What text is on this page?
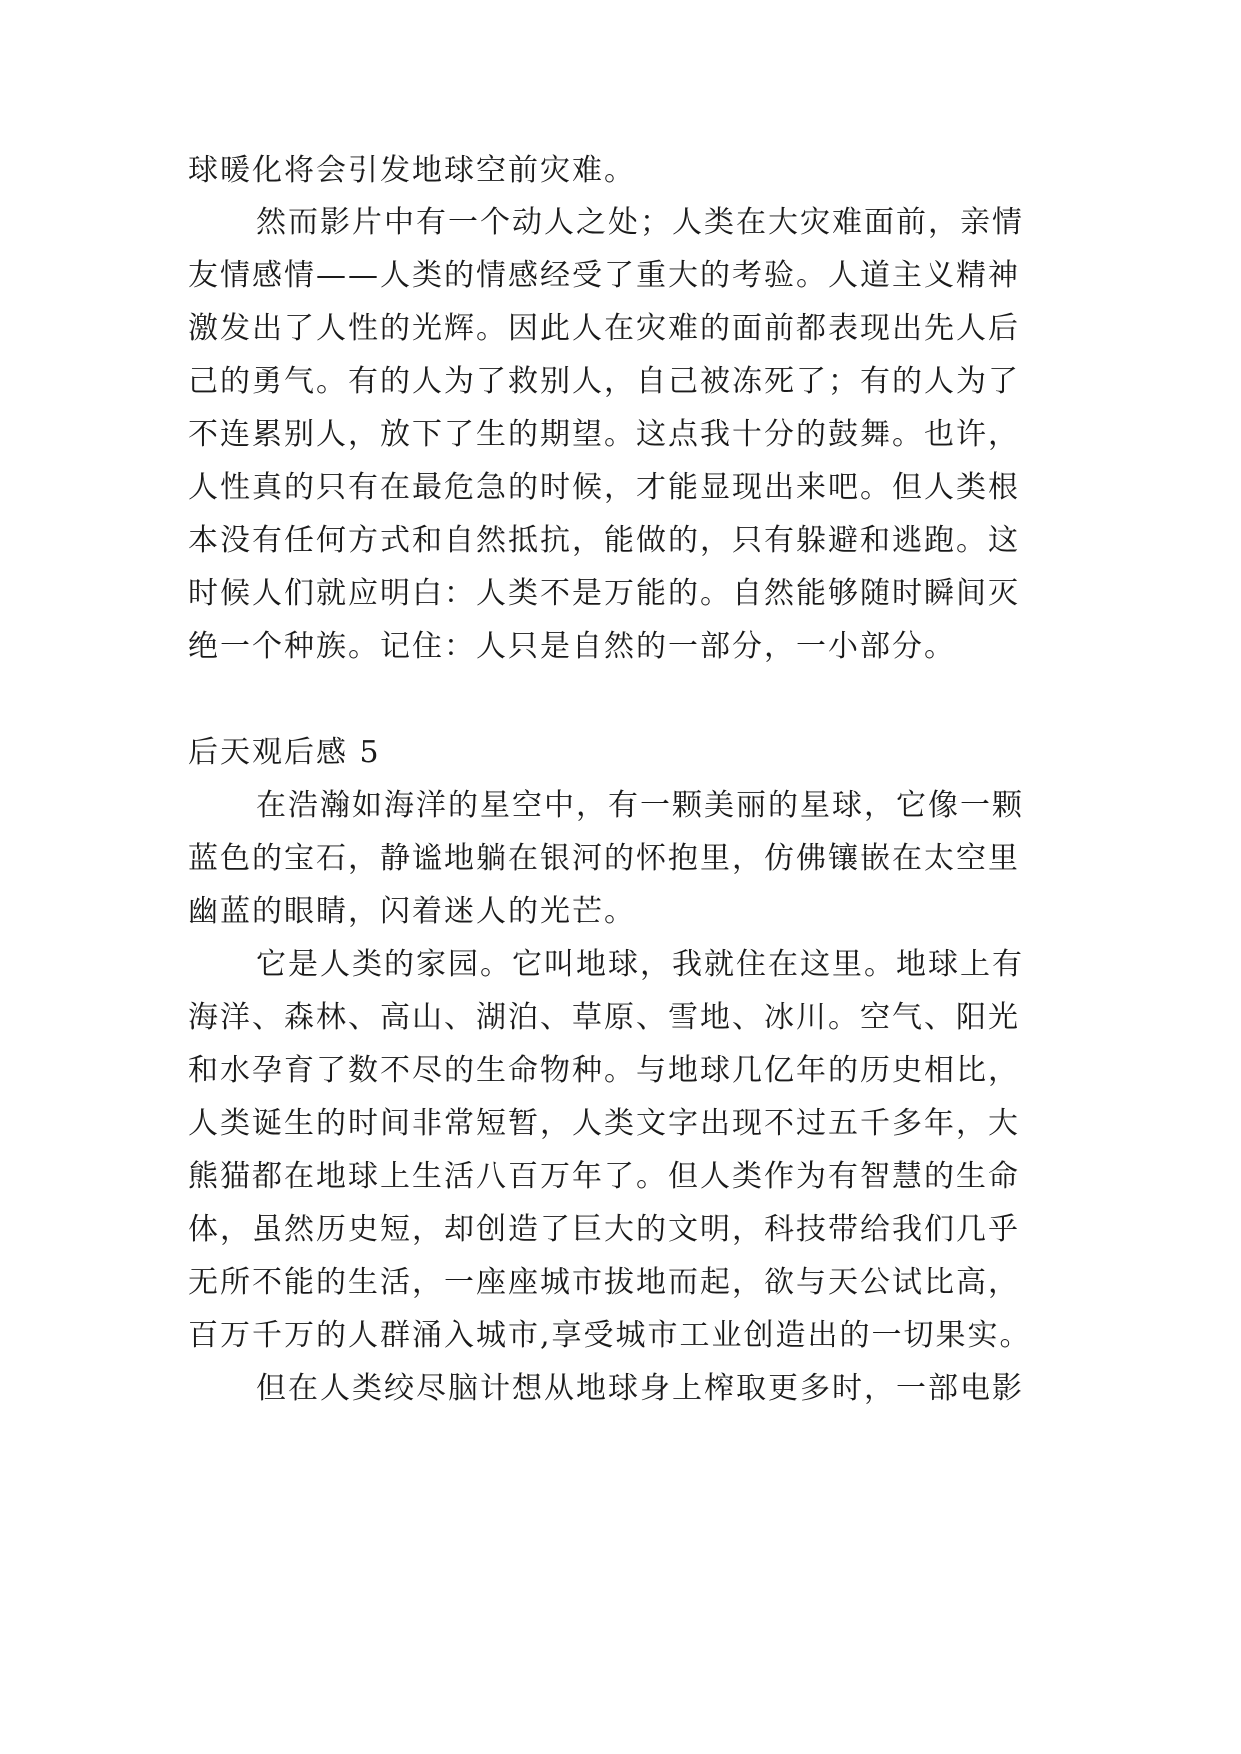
球暖化将会引发地球空前灾难。
然而影片中有一个动人之处；人类在大灾难面前，亲情
友情感情——人类的情感经受了重大的考验。人道主义精神
激发出了人性的光辉。因此人在灾难的面前都表现出先人后
己的勇气。有的人为了救别人，自己被冻死了；有的人为了
不连累别人，放下了生的期望。这点我十分的鼓舞。也许，
人性真的只有在最危急的时候，才能显现出来吧。但人类根
本没有任何方式和自然抵抗，能做的，只有躲避和逃跑。这
时候人们就应明白：人类不是万能的。自然能够随时瞬间灭
绝一个种族。记住：人只是自然的一部分，一小部分。
后天观后感 5
在浩瀚如海洋的星空中，有一颗美丽的星球，它像一颗
蓝色的宝石，静谧地躺在银河的怀抱里，仿佛镶嵌在太空里
幽蓝的眼睛，闪着迷人的光芒。
它是人类的家园。它叫地球，我就住在这里。地球上有
海洋、森林、高山、湖泊、草原、雪地、冰川。空气、阳光
和水孕育了数不尽的生命物种。与地球几亿年的历史相比，
人类诞生的时间非常短暂，人类文字出现不过五千多年，大
熊猫都在地球上生活八百万年了。但人类作为有智慧的生命
体，虽然历史短，却创造了巨大的文明，科技带给我们几乎
无所不能的生活，一座座城市拔地而起，欲与天公试比高，
百万千万的人群涌入城市,享受城市工业创造出的一切果实。
但在人类绞尽脑计想从地球身上榨取更多时，一部电影
